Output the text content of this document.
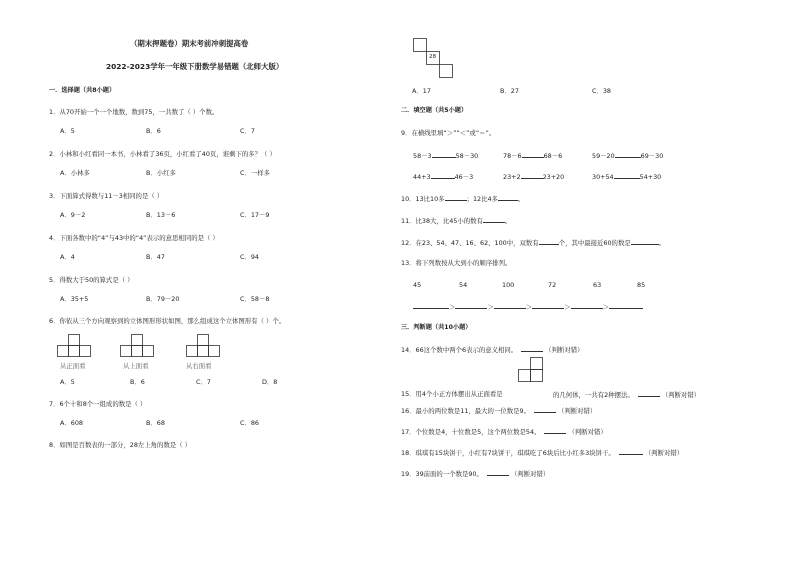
（期末押题卷）期末考前冲刺提高卷
2022-2023学年一年级下册数学易错题（北师大版）
一．选择题（共8小题）
1．从70开始一个一个地数，数到75，一共数了（ ）个数。
A．5	B．6	C．7
2．小林和小红看同一本书，小林看了36页，小红看了40页，谁剩下的多？（ ）
A．小林多	B．小红多	C．一样多
3．下面算式得数与11－3相同的是（ ）
A．9－2	B．13－6	C．17－9
4．下面各数中的“4”与43中的“4”表示的意思相同的是（ ）
A．4	B．47	C．94
5．得数大于50的算式是（ ）
A．35+5	B．79－20	C．58－8
6．你依从三个方向观察到的立体图形形状如图，那么组成这个立体图形有（ ）个。
从正面看	从上面看	从右面看
A．5	B．6	C．7	D．8
7．6个十和8个一组成的数是（ ）
A．608	B．68	C．86
8．如图是百数表的一部分，28左上角的数是（ ）
28
A．17	B．27	C．38
二．填空题（共5小题）
9．在横线里填“＞”“＜”或“＝”。
58－3	58－30	78－6	68－6	59－20	69－30
44+3	46－3	23+2	23+20	30+54	54+30
10．13比10多	；12比4多	。
11．比38大，比45小的数有	。
12．在23、54、47、16、62、100中，双数有	个，其中最接近60的数是	。
13．将下列数按从大到小的顺序排列。
45	54	100	72	63	85
＞	＞	＞	＞	＞
三．判断题（共10小题）
14．66这个数中两个6表示的意义相同。	（判断对错）
15．用4个小正方体摆出从正面看是	的几何体，一共有2种摆法。	（判断对错）
16．最小的两位数是11，最大的一位数是9。	（判断对错）
17．个位数是4，十位数是5，这个两位数是54。	（判断对错）
18．琪琪有15块饼干，小红有7块饼干，琪琪吃了6块后比小红多3块饼干。	（判断对错）
19．39前面的一个数是90。	（判断对错）
